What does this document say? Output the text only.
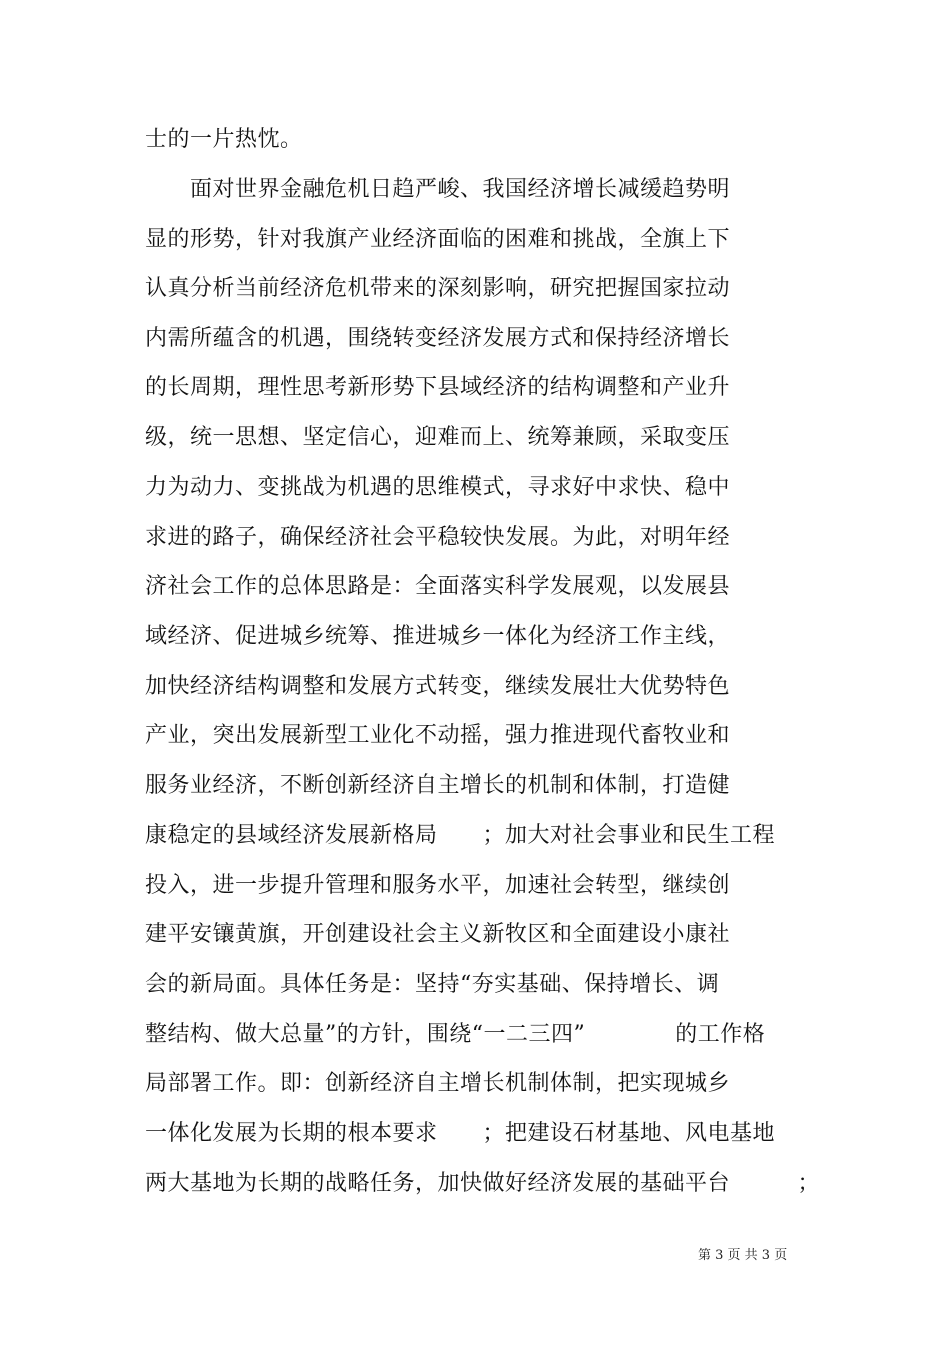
士的一片热忱。
　　面对世界金融危机日趋严峻、我国经济增长减缓趋势明
显的形势，针对我旗产业经济面临的困难和挑战，全旗上下
认真分析当前经济危机带来的深刻影响，研究把握国家拉动
内需所蕴含的机遇，围绕转变经济发展方式和保持经济增长
的长周期，理性思考新形势下县域经济的结构调整和产业升
级，统一思想、坚定信心，迎难而上、统筹兼顾，采取变压
力为动力、变挑战为机遇的思维模式，寻求好中求快、稳中
求进的路子，确保经济社会平稳较快发展。为此，对明年经
济社会工作的总体思路是：全面落实科学发展观，以发展县
域经济、促进城乡统筹、推进城乡一体化为经济工作主线，
加快经济结构调整和发展方式转变，继续发展壮大优势特色
产业，突出发展新型工业化不动摇，强力推进现代畜牧业和
服务业经济，不断创新经济自主增长的机制和体制，打造健
康稳定的县域经济发展新格局　　；加大对社会事业和民生工程
投入，进一步提升管理和服务水平，加速社会转型，继续创
建平安镶黄旗，开创建设社会主义新牧区和全面建设小康社
会的新局面。具体任务是：坚持“夯实基础、保持增长、调
整结构、做大总量”的方针，围绕“一二三四”　　　　的工作格
局部署工作。即：创新经济自主增长机制体制，把实现城乡
一体化发展为长期的根本要求　　；把建设石材基地、风电基地
两大基地为长期的战略任务，加快做好经济发展的基础平台　　　；
第 3 页 共 3 页
